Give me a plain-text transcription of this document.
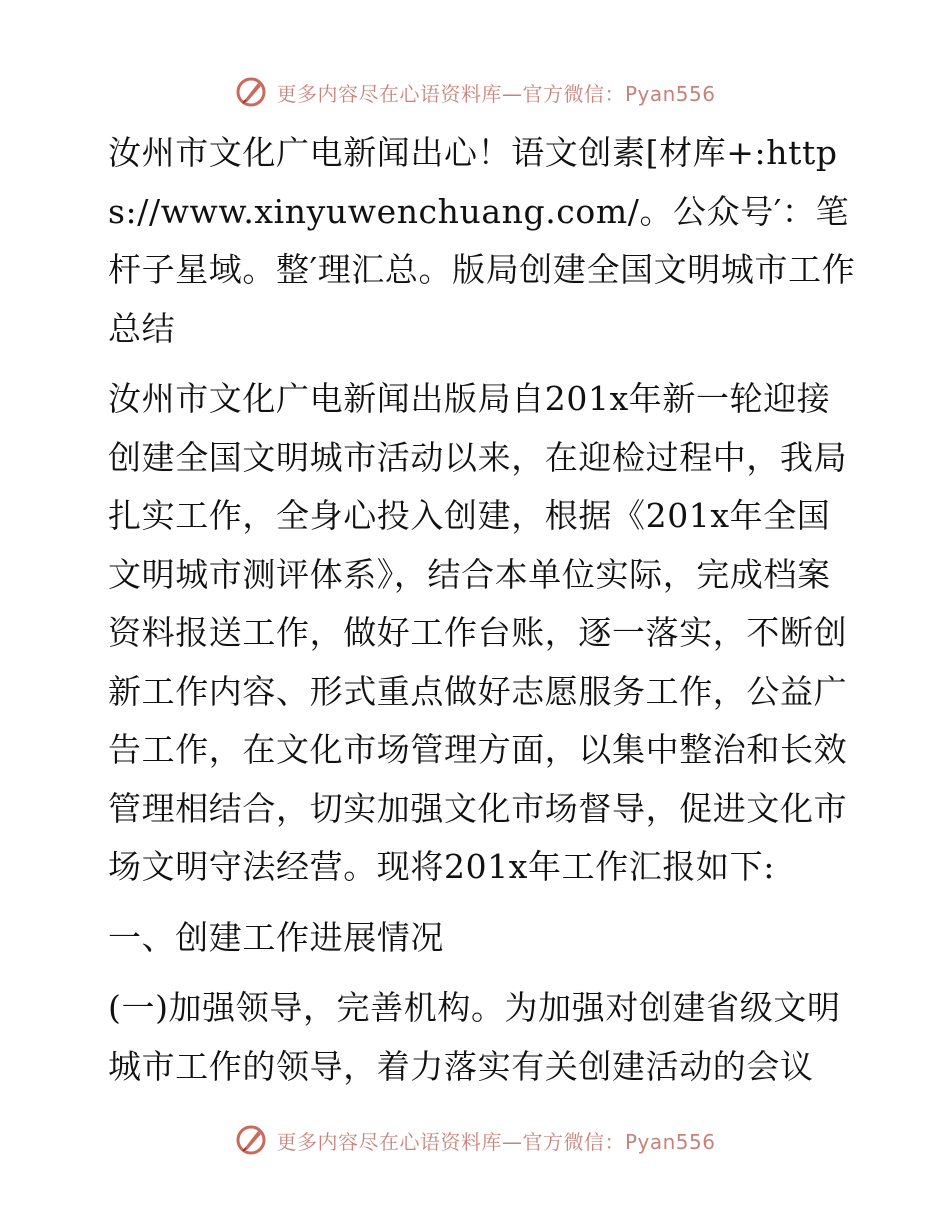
更多内容尽在心语资料库—官方微信：Pyan556

汝州市文化广电新闻出心！语文创素[材库+:https://www.xinyuwenchuang.com/。公众号′：笔杆子星域。整′理汇总。版局创建全国文明城市工作总结

汝州市文化广电新闻出版局自201x年新一轮迎接创建全国文明城市活动以来，在迎检过程中，我局扎实工作，全身心投入创建，根据《201x年全国文明城市测评体系》，结合本单位实际，完成档案资料报送工作，做好工作台账，逐一落实，不断创新工作内容、形式重点做好志愿服务工作，公益广告工作，在文化市场管理方面，以集中整治和长效管理相结合，切实加强文化市场督导，促进文化市场文明守法经营。现将201x年工作汇报如下:

一、创建工作进展情况

(一)加强领导，完善机构。为加强对创建省级文明城市工作的领导，着力落实有关创建活动的会议

更多内容尽在心语资料库—官方微信：Pyan556
